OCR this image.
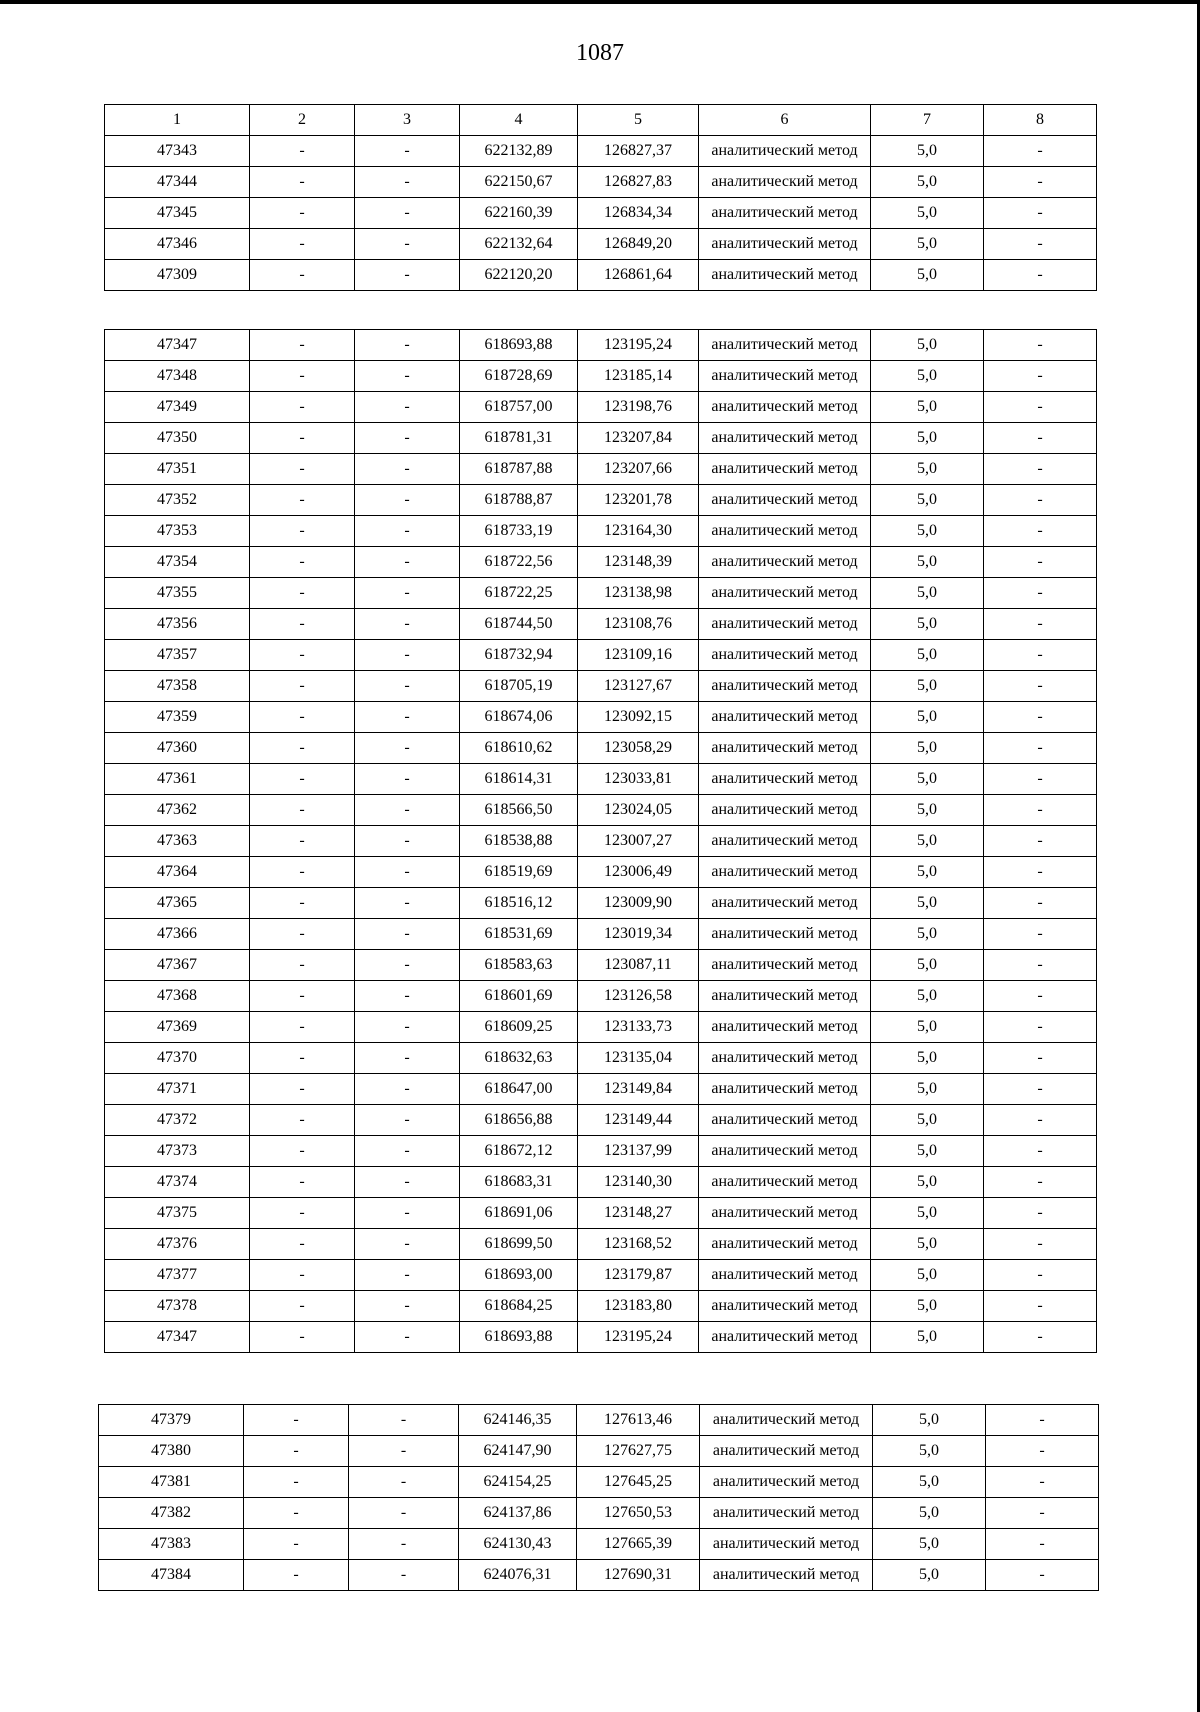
1087
1	2	3	4	5	6	7	8
47343	-	-	622132,89	126827,37	аналитический метод	5,0	-
47344	-	-	622150,67	126827,83	аналитический метод	5,0	-
47345	-	-	622160,39	126834,34	аналитический метод	5,0	-
47346	-	-	622132,64	126849,20	аналитический метод	5,0	-
47309	-	-	622120,20	126861,64	аналитический метод	5,0	-
47347	-	-	618693,88	123195,24	аналитический метод	5,0	-
47348	-	-	618728,69	123185,14	аналитический метод	5,0	-
47349	-	-	618757,00	123198,76	аналитический метод	5,0	-
47350	-	-	618781,31	123207,84	аналитический метод	5,0	-
47351	-	-	618787,88	123207,66	аналитический метод	5,0	-
47352	-	-	618788,87	123201,78	аналитический метод	5,0	-
47353	-	-	618733,19	123164,30	аналитический метод	5,0	-
47354	-	-	618722,56	123148,39	аналитический метод	5,0	-
47355	-	-	618722,25	123138,98	аналитический метод	5,0	-
47356	-	-	618744,50	123108,76	аналитический метод	5,0	-
47357	-	-	618732,94	123109,16	аналитический метод	5,0	-
47358	-	-	618705,19	123127,67	аналитический метод	5,0	-
47359	-	-	618674,06	123092,15	аналитический метод	5,0	-
47360	-	-	618610,62	123058,29	аналитический метод	5,0	-
47361	-	-	618614,31	123033,81	аналитический метод	5,0	-
47362	-	-	618566,50	123024,05	аналитический метод	5,0	-
47363	-	-	618538,88	123007,27	аналитический метод	5,0	-
47364	-	-	618519,69	123006,49	аналитический метод	5,0	-
47365	-	-	618516,12	123009,90	аналитический метод	5,0	-
47366	-	-	618531,69	123019,34	аналитический метод	5,0	-
47367	-	-	618583,63	123087,11	аналитический метод	5,0	-
47368	-	-	618601,69	123126,58	аналитический метод	5,0	-
47369	-	-	618609,25	123133,73	аналитический метод	5,0	-
47370	-	-	618632,63	123135,04	аналитический метод	5,0	-
47371	-	-	618647,00	123149,84	аналитический метод	5,0	-
47372	-	-	618656,88	123149,44	аналитический метод	5,0	-
47373	-	-	618672,12	123137,99	аналитический метод	5,0	-
47374	-	-	618683,31	123140,30	аналитический метод	5,0	-
47375	-	-	618691,06	123148,27	аналитический метод	5,0	-
47376	-	-	618699,50	123168,52	аналитический метод	5,0	-
47377	-	-	618693,00	123179,87	аналитический метод	5,0	-
47378	-	-	618684,25	123183,80	аналитический метод	5,0	-
47347	-	-	618693,88	123195,24	аналитический метод	5,0	-
47379	-	-	624146,35	127613,46	аналитический метод	5,0	-
47380	-	-	624147,90	127627,75	аналитический метод	5,0	-
47381	-	-	624154,25	127645,25	аналитический метод	5,0	-
47382	-	-	624137,86	127650,53	аналитический метод	5,0	-
47383	-	-	624130,43	127665,39	аналитический метод	5,0	-
47384	-	-	624076,31	127690,31	аналитический метод	5,0	-
